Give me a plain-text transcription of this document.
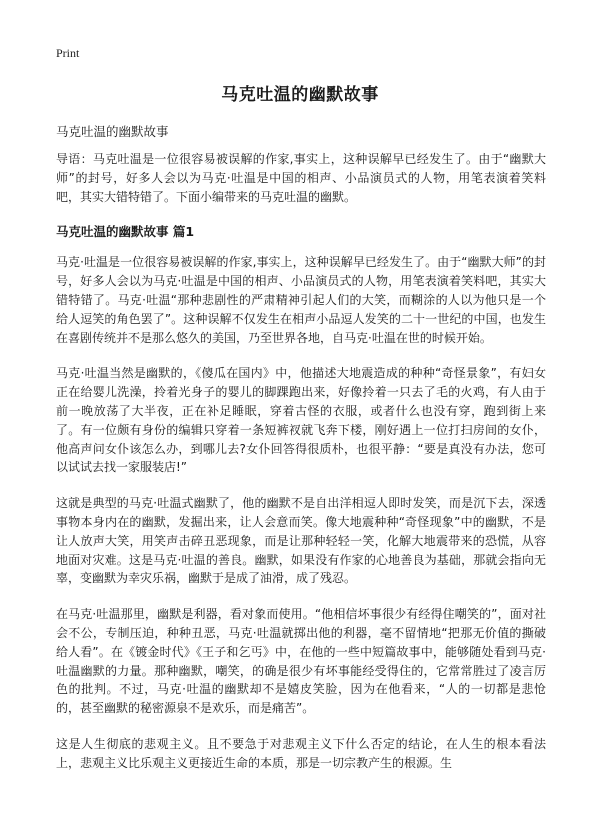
Print
马克吐温的幽默故事
马克吐温的幽默故事

导语：马克吐温是一位很容易被误解的作家,事实上，这种误解早已经发生了。由于“幽默大师”的封号，好多人会以为马克·吐温是中国的相声、小品演员式的人物，用笔表演着笑料吧，其实大错特错了。下面小编带来的马克吐温的幽默。

马克吐温的幽默故事 篇1

马克·吐温是一位很容易被误解的作家,事实上，这种误解早已经发生了。由于“幽默大师”的封号，好多人会以为马克·吐温是中国的相声、小品演员式的人物，用笔表演着笑料吧，其实大错特错了。马克·吐温“那种悲剧性的严肃精神引起人们的大笑，而糊涂的人以为他只是一个给人逗笑的角色罢了”。这种误解不仅发生在相声小品逗人发笑的二十一世纪的中国，也发生在喜剧传统并不是那么悠久的美国，乃至世界各地，自马克·吐温在世的时候开始。

马克·吐温当然是幽默的，《傻瓜在国内》中，他描述大地震造成的种种“奇怪景象”，有妇女正在给婴儿洗澡，拎着光身子的婴儿的脚踝跑出来，好像拎着一只去了毛的火鸡，有人由于前一晚放荡了大半夜，正在补足睡眠，穿着古怪的衣服，或者什么也没有穿，跑到街上来了。有一位颇有身份的编辑只穿着一条短裤衩就飞奔下楼，刚好遇上一位打扫房间的女仆，他高声问女仆该怎么办，到哪儿去?女仆回答得很质朴，也很平静：“要是真没有办法，您可以试试去找一家服装店!”

这就是典型的马克·吐温式幽默了，他的幽默不是自出洋相逗人即时发笑，而是沉下去，深透事物本身内在的幽默，发掘出来，让人会意而笑。像大地震种种“奇怪现象”中的幽默，不是让人放声大笑，用笑声击碎丑恶现象，而是让那种轻轻一笑，化解大地震带来的恐慌，从容地面对灾难。这是马克·吐温的善良。幽默，如果没有作家的心地善良为基础，那就会指向无辜，变幽默为幸灾乐祸，幽默于是成了油滑，成了残忍。

在马克·吐温那里，幽默是利器，看对象而使用。“他相信坏事很少有经得住嘲笑的”，面对社会不公，专制压迫，种种丑恶，马克·吐温就掷出他的利器，毫不留情地“把那无价值的撕破给人看”。在《镀金时代》《王子和乞丐》中，在他的一些中短篇故事中，能够随处看到马克·吐温幽默的力量。那种幽默，嘲笑，的确是很少有坏事能经受得住的，它常常胜过了凌言厉色的批判。不过，马克·吐温的幽默却不是嬉皮笑脸，因为在他看来，“人的一切都是悲怆的，甚至幽默的秘密源泉不是欢乐，而是痛苦”。

这是人生彻底的悲观主义。且不要急于对悲观主义下什么否定的结论，在人生的根本看法上，悲观主义比乐观主义更接近生命的本质，那是一切宗教产生的根源。生
